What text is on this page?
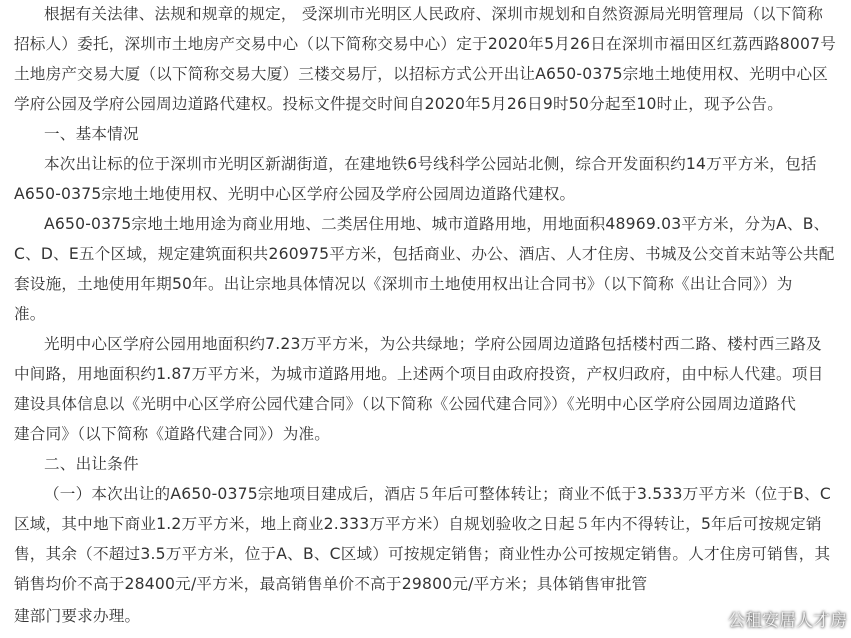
根据有关法律、法规和规章的规定， 受深圳市光明区人民政府、深圳市规划和自然资源局光明管理局（以下简称
招标人）委托，深圳市土地房产交易中心（以下简称交易中心）定于2020年5月26日在深圳市福田区红荔西路8007号
土地房产交易大厦（以下简称交易大厦）三楼交易厅，以招标方式公开出让A650-0375宗地土地使用权、光明中心区
学府公园及学府公园周边道路代建权。投标文件提交时间自2020年5月26日9时50分起至10时止，现予公告。
一、基本情况
本次出让标的位于深圳市光明区新湖街道，在建地铁6号线科学公园站北侧，综合开发面积约14万平方米，包括
A650-0375宗地土地使用权、光明中心区学府公园及学府公园周边道路代建权。
A650-0375宗地土地用途为商业用地、二类居住用地、城市道路用地，用地面积48969.03平方米，分为A、B、
C、D、E五个区域，规定建筑面积共260975平方米，包括商业、办公、酒店、人才住房、书城及公交首末站等公共配
套设施，土地使用年期50年。出让宗地具体情况以《深圳市土地使用权出让合同书》（以下简称《出让合同》）为
准。
光明中心区学府公园用地面积约7.23万平方米，为公共绿地；学府公园周边道路包括楼村西二路、楼村西三路及
中间路，用地面积约1.87万平方米，为城市道路用地。上述两个项目由政府投资，产权归政府，由中标人代建。项目
建设具体信息以《光明中心区学府公园代建合同》（以下简称《公园代建合同》）《光明中心区学府公园周边道路代
建合同》（以下简称《道路代建合同》）为准。
二、出让条件
（一）本次出让的A650-0375宗地项目建成后，酒店５年后可整体转让；商业不低于3.533万平方米（位于B、C
区域，其中地下商业1.2万平方米，地上商业2.333万平方米）自规划验收之日起５年内不得转让，5年后可按规定销
售，其余（不超过3.5万平方米，位于A、B、C区域）可按规定销售；商业性办公可按规定销售。人才住房可销售，其
销售均价不高于28400元/平方米，最高销售单价不高于29800元/平方米；具体销售审批管
建部门要求办理。	公租安居人才房
